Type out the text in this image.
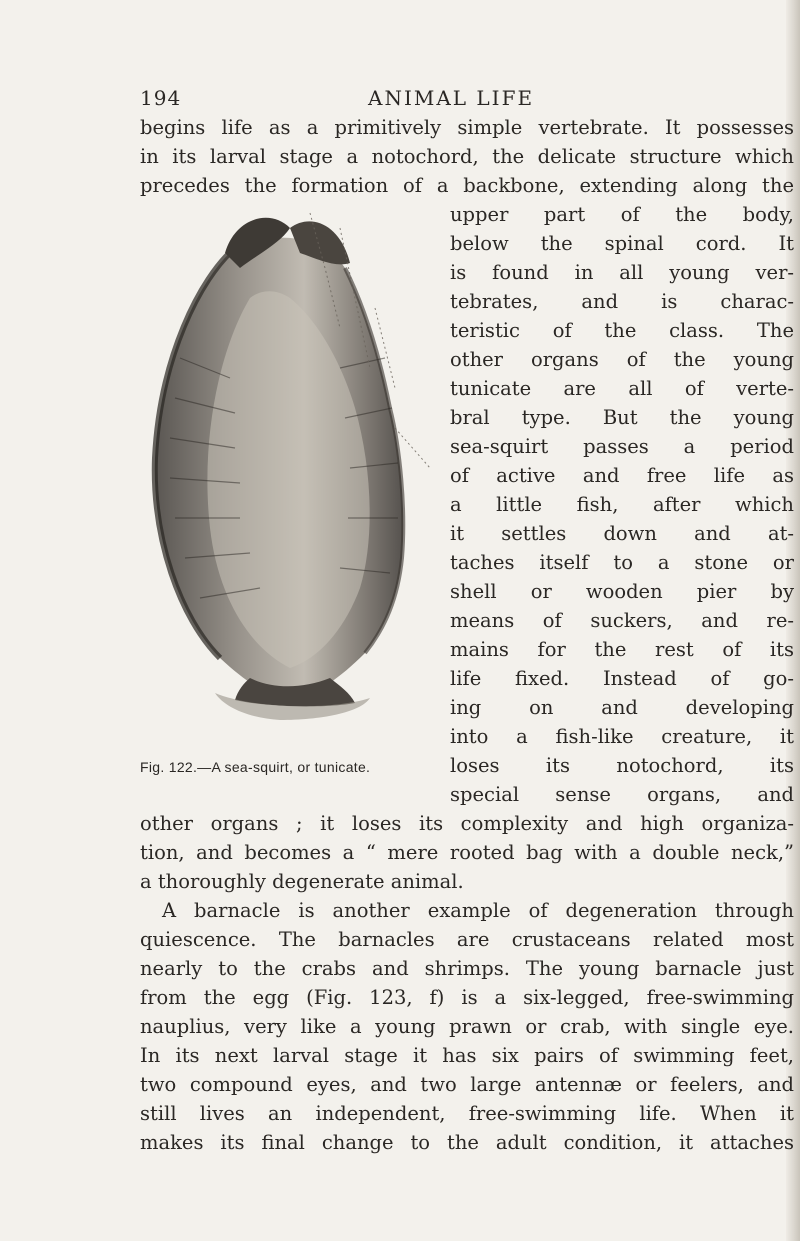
194	ANIMAL LIFE
begins life as a primitively simple vertebrate. It possesses
in its larval stage a notochord, the delicate structure which
precedes the formation of a backbone, extending along the
upper part of the body,
below the spinal cord. It
is found in all young ver-
tebrates, and is charac-
teristic of the class. The
other organs of the young
tunicate are all of verte-
bral type. But the young
sea-squirt passes a period
of active and free life as
a little fish, after which
it settles down and at-
taches itself to a stone or
shell or wooden pier by
means of suckers, and re-
mains for the rest of its
life fixed. Instead of go-
ing on and developing
into a fish-like creature, it
loses its notochord, its
special sense organs, and
Fig. 122.—A sea-squirt, or tunicate.
other organs ; it loses its complexity and high organiza-
tion, and becomes a “ mere rooted bag with a double neck,”
a thoroughly degenerate animal.
A barnacle is another example of degeneration through
quiescence. The barnacles are crustaceans related most
nearly to the crabs and shrimps. The young barnacle just
from the egg (Fig. 123, f) is a six-legged, free-swimming
nauplius, very like a young prawn or crab, with single eye.
In its next larval stage it has six pairs of swimming feet,
two compound eyes, and two large antennæ or feelers, and
still lives an independent, free-swimming life. When it
makes its final change to the adult condition, it attaches
